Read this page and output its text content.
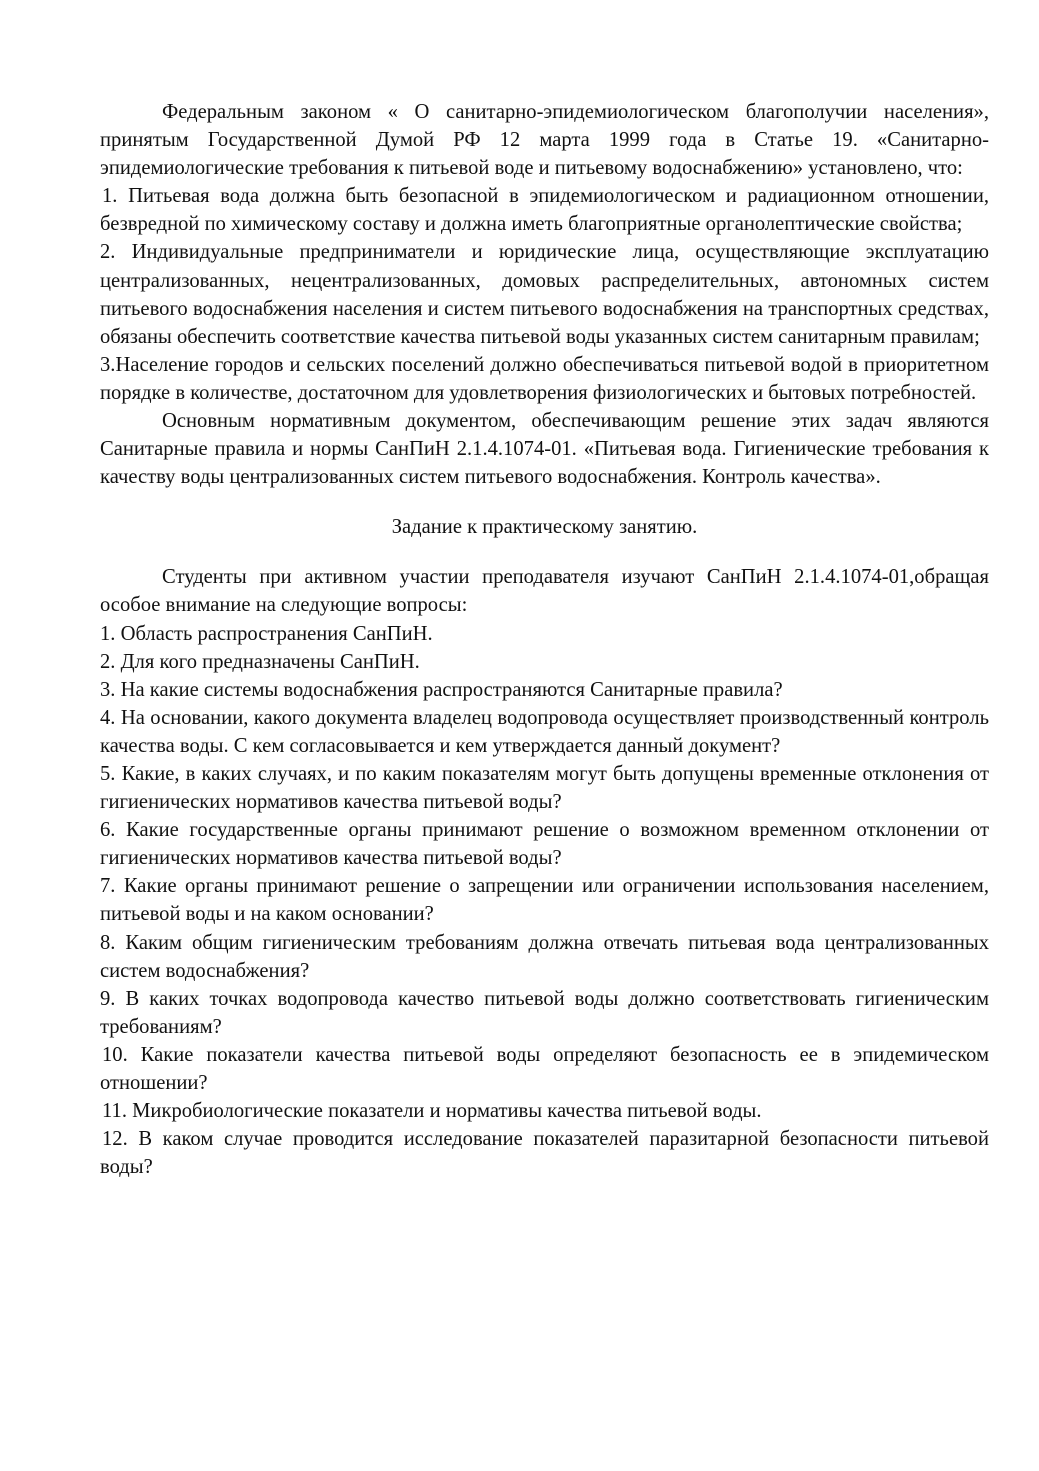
Федеральным законом « О санитарно-эпидемиологическом благополучии населения», принятым Государственной Думой РФ 12 марта 1999 года в Статье 19. «Санитарно-эпидемиологические требования к питьевой воде и питьевому водоснабжению» установлено, что:

1. Питьевая вода должна быть безопасной в эпидемиологическом и радиационном отношении, безвредной по химическому составу и должна иметь благоприятные органолептические свойства;

2. Индивидуальные предприниматели и юридические лица, осуществляющие эксплуатацию централизованных, нецентрализованных, домовых распределительных, автономных систем питьевого водоснабжения населения и систем питьевого водоснабжения на транспортных средствах, обязаны обеспечить соответствие качества питьевой воды указанных систем санитарным правилам;

3.Население городов и сельских поселений должно обеспечиваться питьевой водой в приоритетном порядке в количестве, достаточном для удовлетворения физиологических и бытовых потребностей.

Основным нормативным документом, обеспечивающим решение этих задач являются Санитарные правила и нормы СанПиН 2.1.4.1074-01. «Питьевая вода. Гигиенические требования к качеству воды централизованных систем питьевого водоснабжения. Контроль качества».

Задание к практическому занятию.

Студенты при активном участии преподавателя изучают СанПиН 2.1.4.1074-01,обращая особое внимание на следующие вопросы:

1. Область распространения СанПиН.

2. Для кого предназначены СанПиН.

3. На какие системы водоснабжения распространяются Санитарные правила?

4. На основании, какого документа владелец водопровода осуществляет производственный контроль качества воды. С кем согласовывается и кем утверждается данный документ?

5. Какие, в каких случаях, и по каким показателям могут быть допущены временные отклонения от гигиенических нормативов качества питьевой воды?

6. Какие государственные органы принимают решение о возможном временном отклонении от гигиенических нормативов качества питьевой воды?

7. Какие органы принимают решение о запрещении или ограничении использования населением, питьевой воды и на каком основании?

8. Каким общим гигиеническим требованиям должна отвечать питьевая вода централизованных систем водоснабжения?

9. В каких точках водопровода качество питьевой воды должно соответствовать гигиеническим требованиям?

10. Какие показатели качества питьевой воды определяют безопасность ее в эпидемическом отношении?

11. Микробиологические показатели и нормативы качества питьевой воды.

12. В каком случае проводится исследование показателей паразитарной безопасности питьевой воды?
